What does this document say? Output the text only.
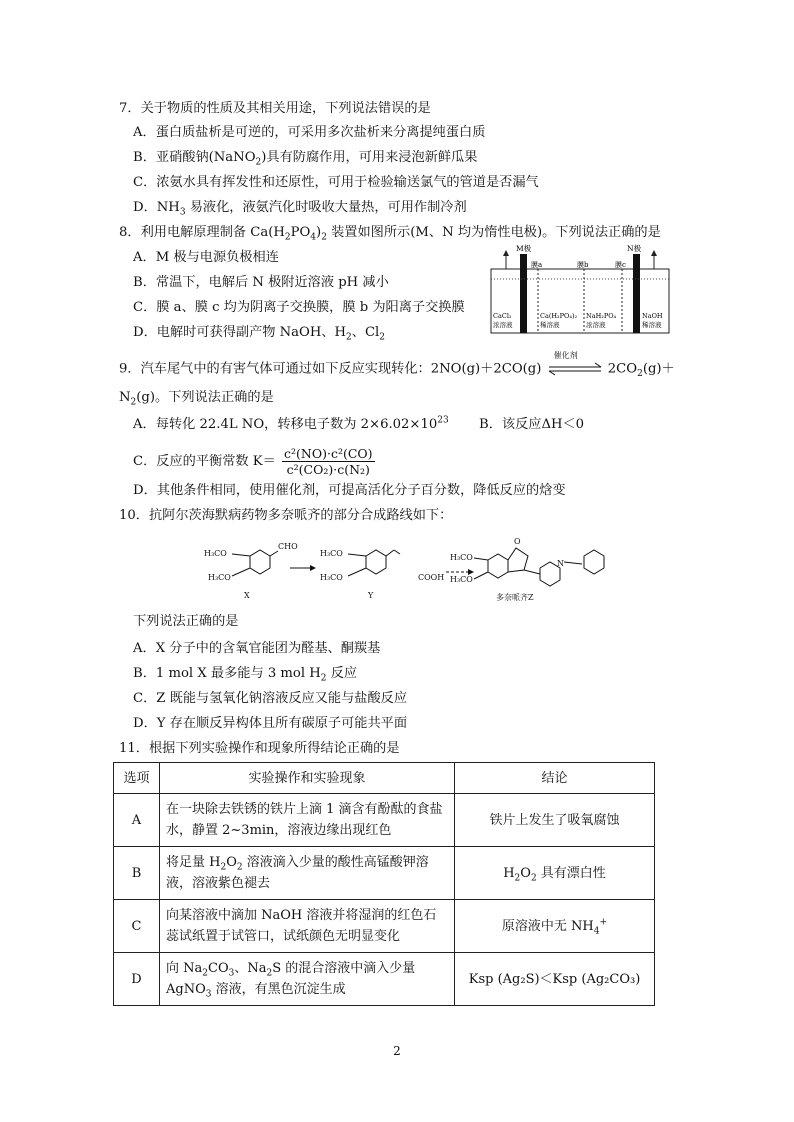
7．关于物质的性质及其相关用途，下列说法错误的是
A．蛋白质盐析是可逆的，可采用多次盐析来分离提纯蛋白质
B．亚硝酸钠(NaNO$_2$)具有防腐作用，可用来浸泡新鲜瓜果
C．浓氨水具有挥发性和还原性，可用于检验输送氯气的管道是否漏气
D．$NH_3$ 易液化，液氨汽化时吸收大量热，可用作制冷剂
8．利用电解原理制备 $Ca(H_2PO_4)_2$ 装置如图所示(M、N 均为惰性电极)。下列说法正确的是
A．M 极与电源负极相连
B．常温下，电解后 N 极附近溶液 pH 减小
C．膜 a、膜 c 均为阴离子交换膜，膜 b 为阳离子交换膜
D．电解时可获得副产物 NaOH、$H_2$、$Cl_2$
M极	N极
膜a	膜b	膜c
CaCl₂
浓溶液
Ca(H₂PO₄)₂
稀溶液
NaH₂PO₄
浓溶液
NaOH
稀溶液
9．汽车尾气中的有害气体可通过如下反应实现转化：2NO(g)＋2CO(g)
催化剂
$2CO_2(g)+$
$N_2(g)$。下列说法正确的是
A．每转化 22.4L NO，转移电子数为 $2\times 6.02\times 10^{23}$ B．该反应ΔH＜0
C．反应的平衡常数 $K= \frac{\text{c²(NO)·c²(CO)}}{\text{c²(CO₂)·c(N₂)}}$
D．其他条件相同，使用催化剂，可提高活化分子百分数，降低反应的焓变
10．抗阿尔茨海默病药物多奈哌齐的部分合成路线如下：
CHO
H₃CO
H₃CO
X
H₃CO
H₃CO
Y
COOH
O
N
H₃CO
H₃CO
多奈哌齐Z
下列说法正确的是
A．X 分子中的含氧官能团为醛基、酮羰基
B．1 mol X 最多能与 3 mol $H_2$ 反应
C．Z 既能与氢氧化钠溶液反应又能与盐酸反应
D．Y 存在顺反异构体且所有碳原子可能共平面
11．根据下列实验操作和现象所得结论正确的是
选项	实验操作和实验现象	结论
A	在一块除去铁锈的铁片上滴 1 滴含有酚酞的食盐水，静置 2~3min，溶液边缘出现红色	铁片上发生了吸氧腐蚀
B	将足量 $H_2O_2$ 溶液滴入少量的酸性高锰酸钾溶液，溶液紫色褪去	$H_2O_2$ 具有漂白性
C	向某溶液中滴加 NaOH 溶液并将湿润的红色石蕊试纸置于试管口，试纸颜色无明显变化	原溶液中无 $NH_4^+$
D	向 $Na_2CO_3$、$Na_2S$ 的混合溶液中滴入少量 AgNO$_3$ 溶液，有黑色沉淀生成	Ksp (Ag₂S)＜Ksp (Ag₂CO₃)
2
